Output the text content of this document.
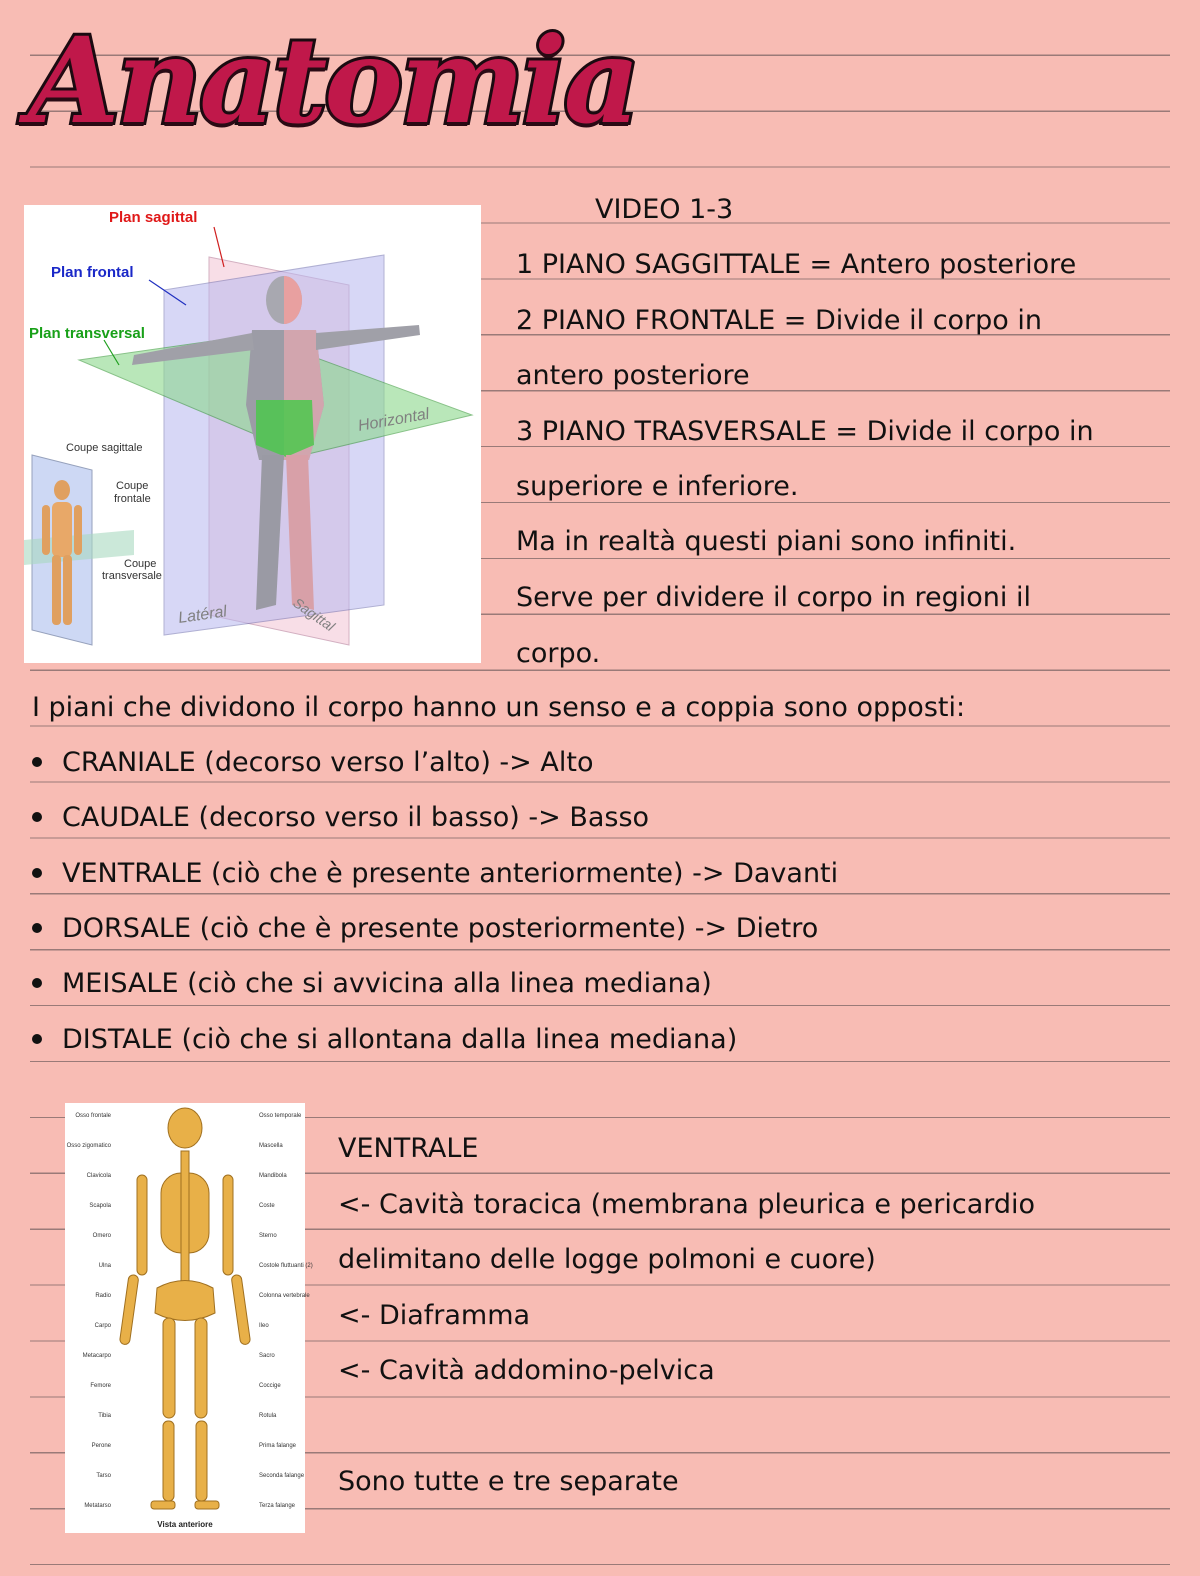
Anatomia
Plan sagittal
Plan frontal
Plan transversal
Horizontal
Latéral	Sagittal
Coupe sagittale
Coupe
frontale
Coupe
transversale
VIDEO 1-3
1 PIANO SAGGITTALE = Antero posteriore
2 PIANO FRONTALE = Divide il corpo in
antero posteriore
3 PIANO TRASVERSALE = Divide il corpo in
superiore e inferiore.
Ma in realtà questi piani sono infiniti.
Serve per dividere il corpo in regioni il
corpo.
I piani che dividono il corpo hanno un senso e a coppia sono opposti:
CRANIALE (decorso verso l’alto) -> Alto
CAUDALE (decorso verso il basso) -> Basso
VENTRALE (ciò che è presente anteriormente) -> Davanti
DORSALE (ciò che è presente posteriormente) -> Dietro
MEISALE (ciò che si avvicina alla linea mediana)
DISTALE (ciò che si allontana dalla linea mediana)
Vista anteriore
Osso frontale
Osso zigomatico
Clavicola
Scapola
Omero
Ulna
Radio
Carpo
Metacarpo
Femore
Tibia
Perone
Tarso
Metatarso
Osso temporale
Mascella
Mandibola
Coste
Sterno
Costole fluttuanti (2)
Colonna vertebrale
Ileo
Sacro
Coccige
Rotula
Prima falange
Seconda falange
Terza falange
VENTRALE
<- Cavità toracica (membrana pleurica e pericardio
delimitano delle logge polmoni e cuore)
<- Diaframma
<- Cavità addomino-pelvica
Sono tutte e tre separate
